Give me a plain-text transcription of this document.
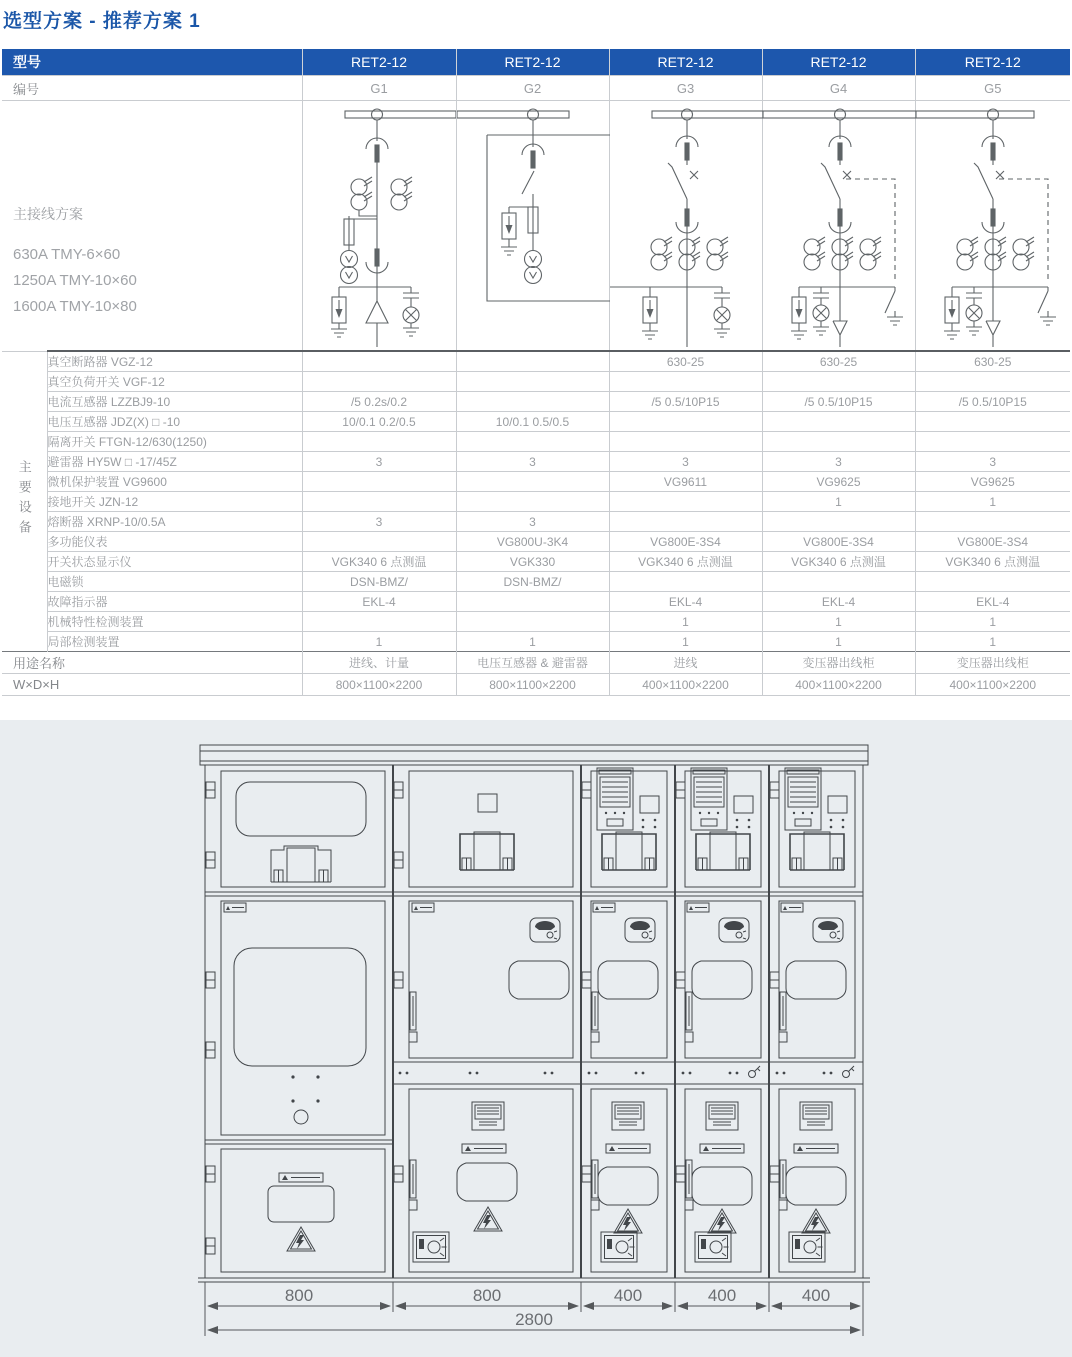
选型方案 - 推荐方案 1
型号		RET2-12	RET2-12	RET2-12	RET2-12	RET2-12
编号		G1	G2	G3	G4	G5

主接线方案
630A TMY-6×60
1250A TMY-10×60
1600A TMY-10×80

主要设备	真空断路器 VGZ-12			630-25	630-25	630-25
	真空负荷开关 VGF-12					
	电流互感器 LZZBJ9-10	/5 0.2s/0.2		/5 0.5/10P15	/5 0.5/10P15	/5 0.5/10P15
	电压互感器 JDZ(X) □ -10	10/0.1 0.2/0.5	10/0.1 0.5/0.5			
	隔离开关 FTGN-12/630(1250)					
	避雷器 HY5W □ -17/45Z	3	3	3	3	3
	微机保护装置 VG9600			VG9611	VG9625	VG9625
	接地开关 JZN-12				1	1
	熔断器 XRNP-10/0.5A	3	3			
	多功能仪表		VG800U-3K4	VG800E-3S4	VG800E-3S4	VG800E-3S4
	开关状态显示仪	VGK340 6 点测温	VGK330	VGK340 6 点测温	VGK340 6 点测温	VGK340 6 点测温
	电磁锁	DSN-BMZ/	DSN-BMZ/			
	故障指示器	EKL-4		EKL-4	EKL-4	EKL-4
	机械特性检测装置			1	1	1
	局部检测装置	1	1	1	1	1
用途名称		进线、计量	电压互感器 & 避雷器	进线	变压器出线柜	变压器出线柜
W×D×H		800×1100×2200	800×1100×2200	400×1100×2200	400×1100×2200	400×1100×2200
800	800	400	400	400
2800
